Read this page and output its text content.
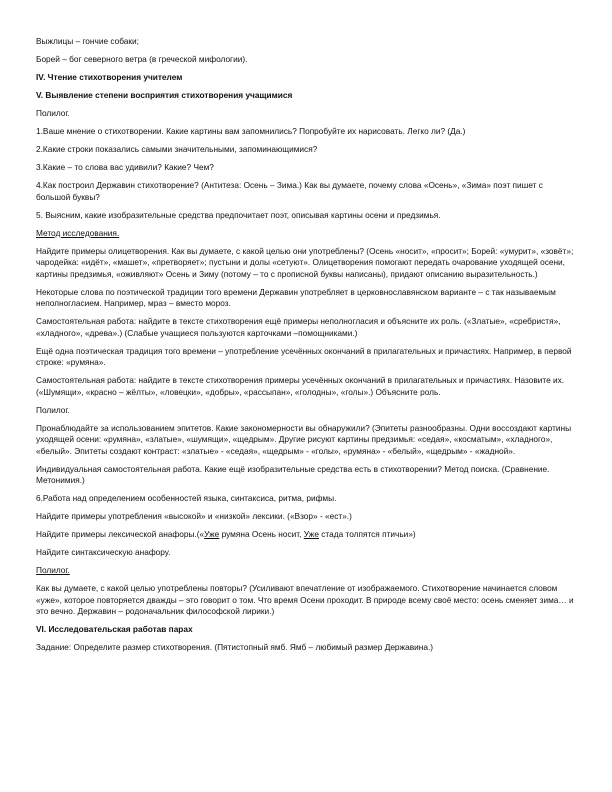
Выжлицы – гончие собаки;

Борей – бог северного ветра (в греческой мифологии).

IV. Чтение стихотворения учителем

V. Выявление степени восприятия стихотворения учащимися

Полилог.

1.Ваше мнение о стихотворении. Какие картины вам запомнились? Попробуйте их нарисовать. Легко ли? (Да.)

2.Какие строки показались самыми значительными, запоминающимися?

3.Какие – то слова вас удивили? Какие? Чем?

4.Как построил Державин стихотворение? (Антитеза: Осень – Зима.) Как вы думаете, почему слова «Осень», «Зима» поэт пишет с большой буквы?

5. Выясним, какие изобразительные средства предпочитает поэт, описывая картины осени и предзимья.

Метод исследования.

Найдите примеры олицетворения. Как вы думаете, с какой целью они употреблены? (Осень «носит», «просит»; Борей: «умурит», «зовёт»; чародейка: «идёт», «машет», «претворяет»; пустыни и долы «сетуют». Олицетворения помогают передать очарование уходящей осени, картины предзимья, «оживляют» Осень и Зиму (потому – то с прописной буквы написаны), придают описанию выразительность.)

Некоторые слова по поэтической традиции того времени Державин употребляет в церковнославянском варианте – с так называемым неполногласием. Например, мраз – вместо мороз.

Самостоятельная работа: найдите в тексте стихотворения ещё примеры неполногласия и объясните их роль. («Златые», «сребристя», «хладного», «древа».) (Слабые учащиеся пользуются карточками –помощниками.)

Ещё одна поэтическая традиция того времени – употребление усечённых окончаний в прилагательных и причастиях. Например, в первой строке: «румяна».

Самостоятельная работа: найдите в тексте стихотворения примеры усечённых окончаний в прилагательных и причастиях. Назовите их. («Шумящи», «красно – жёлты», «ловецки», «добры», «рассыпан», «голодны», «голы».) Объясните роль.

Полилог.

Пронаблюдайте за использованием эпитетов. Какие закономерности вы обнаружили? (Эпитеты разнообразны. Одни воссоздают картины уходящей осени: «румяна», «златые», «шумящи», «щедрым». Другие рисуют картины предзимья: «седая», «косматым», «хладного», «белый». Эпитеты создают контраст: «златые» - «седая», «щедрым» - «голы», «румяна» - «белый», «щедрым» - «жадной».

Индивидуальная самостоятельная работа. Какие ещё изобразительные средства есть в стихотворении? Метод поиска. (Сравнение. Метонимия.)

6.Работа над определением особенностей языка, синтаксиса, ритма, рифмы.

Найдите примеры употребления «высокой» и «низкой» лексики. («Взор» - «ест».)

Найдите примеры лексической анафоры.(«Уже румяна Осень носит, Уже стада толпятся птичьи»)

Найдите синтаксическую анафору.

Полилог.

Как вы думаете, с какой целью употреблены повторы? (Усиливают впечатление от изображаемого. Стихотворение начинается словом «уже», которое повторяется дважды – это говорит о том. Что время Осени проходит. В природе всему своё место: осень сменяет зима… и это вечно. Державин – родоначальник философской лирики.)

VI. Исследовательская работав парах

Задание: Определите размер стихотворения. (Пятистопный ямб. Ямб – любимый размер Державина.)
